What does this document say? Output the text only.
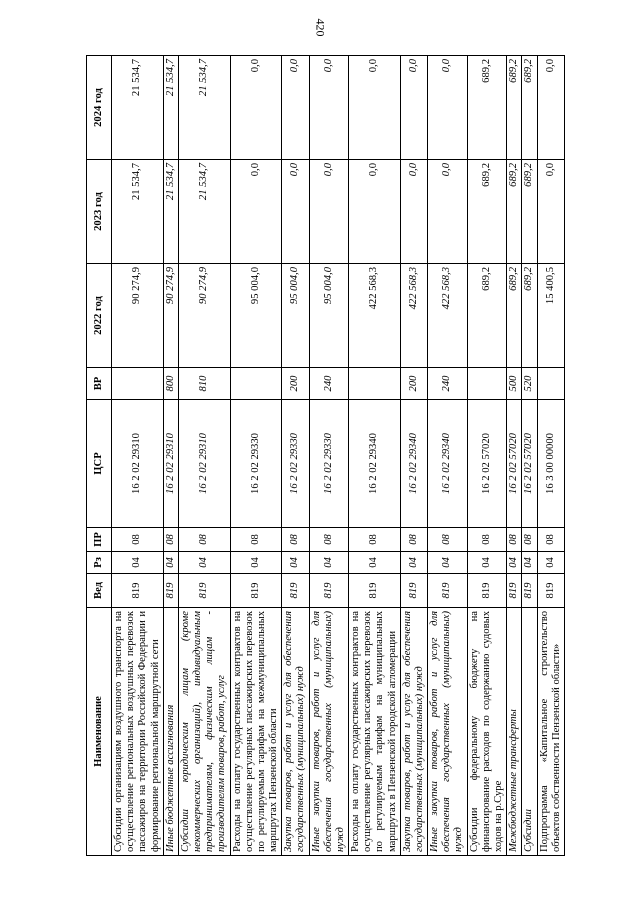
420
Наименование	Вед	Рз	ПР	ЦСР	ВР	2022 год	2023 год	2024 год
Субсидии организациям воздушного транспорта на осуществление региональных воздушных перевозок пассажиров на территории Российской Федерации и формирование региональной маршрутной сети	819	04	08	16 2 02 29310		90 274,9	21 534,7	21 534,7
Иные бюджетные ассигнования	819	04	08	16 2 02 29310	800	90 274,9	21 534,7	21 534,7
Субсидии юридическим лицам (кроме некоммерческих организаций), индивидуальным предпринимателям, физическим лицам - производителям товаров, работ, услуг	819	04	08	16 2 02 29310	810	90 274,9	21 534,7	21 534,7
Расходы на оплату государственных контрактов на осуществление регулярных пассажирских перевозок по регулируемым тарифам на межмуниципальных маршрутах Пензенской области	819	04	08	16 2 02 29330		95 004,0	0,0	0,0
Закупка товаров, работ и услуг для обеспечения государственных (муниципальных) нужд	819	04	08	16 2 02 29330	200	95 004,0	0,0	0,0
Иные закупки товаров, работ и услуг для обеспечения государственных (муниципальных) нужд	819	04	08	16 2 02 29330	240	95 004,0	0,0	0,0
Расходы на оплату государственных контрактов на осуществление регулярных пассажирских перевозок по регулируемым тарифам на муниципальных маршрутах в Пензенской городской агломерации	819	04	08	16 2 02 29340		422 568,3	0,0	0,0
Закупка товаров, работ и услуг для обеспечения государственных (муниципальных) нужд	819	04	08	16 2 02 29340	200	422 568,3	0,0	0,0
Иные закупки товаров, работ и услуг для обеспечения государственных (муниципальных) нужд	819	04	08	16 2 02 29340	240	422 568,3	0,0	0,0
Субсидии федеральному бюджету на финансирование расходов по содержанию судовых ходов на р.Суре	819	04	08	16 2 02 57020		689,2	689,2	689,2
Межбюджетные трансферты	819	04	08	16 2 02 57020	500	689,2	689,2	689,2
Субсидии	819	04	08	16 2 02 57020	520	689,2	689,2	689,2
Подпрограмма «Капитальное строительство объектов собственности Пензенской области»	819	04	08	16 3 00 00000		15 400,5	0,0	0,0
